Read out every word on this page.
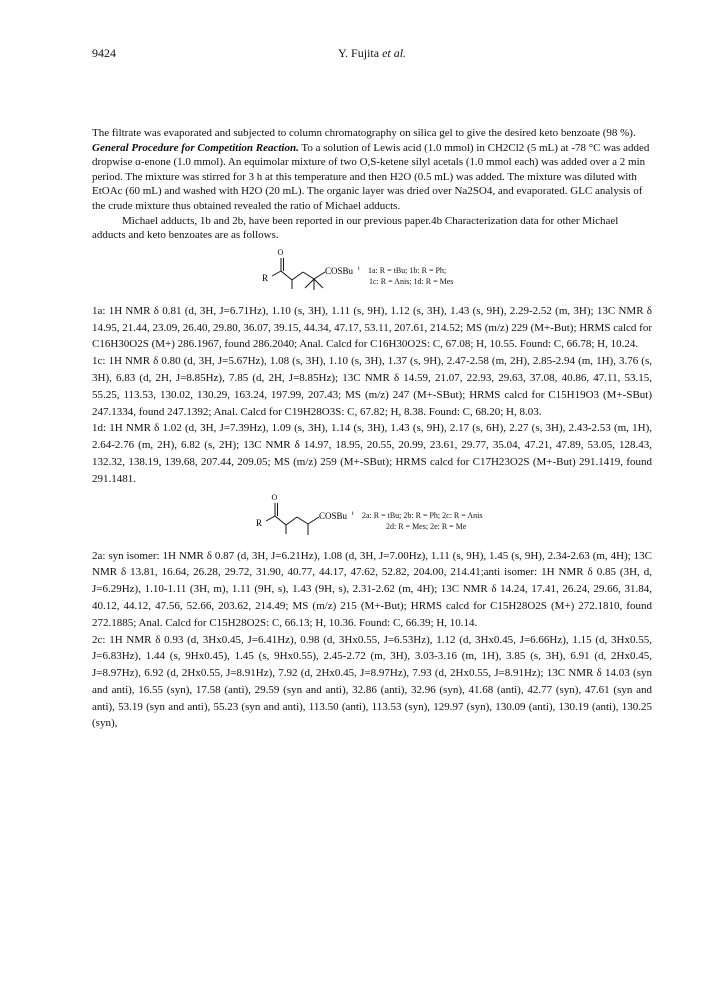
9424	Y. Fujita et al.

The filtrate was evaporated and subjected to column chromatography on silica gel to give the desired keto benzoate (98 %).

General Procedure for Competition Reaction. To a solution of Lewis acid (1.0 mmol) in CH2Cl2 (5 mL) at -78 °C was added dropwise α-enone (1.0 mmol). An equimolar mixture of two O,S-ketene silyl acetals (1.0 mmol each) was added over a 2 min period. The mixture was stirred for 3 h at this temperature and then H2O (0.5 mL) was added. The mixture was diluted with EtOAc (60 mL) and washed with H2O (20 mL). The organic layer was dried over Na2SO4, and evaporated. GLC analysis of the crude mixture thus obtained revealed the ratio of Michael adducts.

Michael adducts, 1b and 2b, have been reported in our previous paper.4b Characterization data for other Michael adducts and keto benzoates are as follows.

O
R
COSBu t 1a: R = tBu; 1b: R = Ph;
1c: R = Anis; 1d: R = Mes

1a: 1H NMR δ 0.81 (d, 3H, J=6.71Hz), 1.10 (s, 3H), 1.11 (s, 9H), 1.12 (s, 3H), 1.43 (s, 9H), 2.29-2.52 (m, 3H); 13C NMR δ 14.95, 21.44, 23.09, 26.40, 29.80, 36.07, 39.15, 44.34, 47.17, 53.11, 207.61, 214.52; MS (m/z) 229 (M+-But); HRMS calcd for C16H30O2S (M+) 286.1967, found 286.2040; Anal. Calcd for C16H30O2S: C, 67.08; H, 10.55. Found: C, 66.78; H, 10.24.

1c: 1H NMR δ 0.80 (d, 3H, J=5.67Hz), 1.08 (s, 3H), 1.10 (s, 3H), 1.37 (s, 9H), 2.47-2.58 (m, 2H), 2.85-2.94 (m, 1H), 3.76 (s, 3H), 6.83 (d, 2H, J=8.85Hz), 7.85 (d, 2H, J=8.85Hz); 13C NMR δ 14.59, 21.07, 22.93, 29.63, 37.08, 40.86, 47.11, 53.15, 55.25, 113.53, 130.02, 130.29, 163.24, 197.99, 207.43; MS (m/z) 247 (M+-SBut); HRMS calcd for C15H19O3 (M+-SBut) 247.1334, found 247.1392; Anal. Calcd for C19H28O3S: C, 67.82; H, 8.38. Found: C, 68.20; H, 8.03.

1d: 1H NMR δ 1.02 (d, 3H, J=7.39Hz), 1.09 (s, 3H), 1.14 (s, 3H), 1.43 (s, 9H), 2.17 (s, 6H), 2.27 (s, 3H), 2.43-2.53 (m, 1H), 2.64-2.76 (m, 2H), 6.82 (s, 2H); 13C NMR δ 14.97, 18.95, 20.55, 20.99, 23.61, 29.77, 35.04, 47.21, 47.89, 53.05, 128.43, 132.32, 138.19, 139.68, 207.44, 209.05; MS (m/z) 259 (M+-SBut); HRMS calcd for C17H23O2S (M+-But) 291.1419, found 291.1481.

O
R
COSBu t 2a: R = tBu; 2b: R = Ph; 2c: R = Anis
2d: R = Mes; 2e: R = Me

2a: syn isomer: 1H NMR δ 0.87 (d, 3H, J=6.21Hz), 1.08 (d, 3H, J=7.00Hz), 1.11 (s, 9H), 1.45 (s, 9H), 2.34-2.63 (m, 4H); 13C NMR δ 13.81, 16.64, 26.28, 29.72, 31.90, 40.77, 44.17, 47.62, 52.82, 204.00, 214.41;anti isomer: 1H NMR δ 0.85 (3H, d, J=6.29Hz), 1.10-1.11 (3H, m), 1.11 (9H, s), 1.43 (9H, s), 2.31-2.62 (m, 4H); 13C NMR δ 14.24, 17.41, 26.24, 29.66, 31.84, 40.12, 44.12, 47.56, 52.66, 203.62, 214.49; MS (m/z) 215 (M+-But); HRMS calcd for C15H28O2S (M+) 272.1810, found 272.1885; Anal. Calcd for C15H28O2S: C, 66.13; H, 10.36. Found: C, 66.39; H, 10.14.

2c: 1H NMR δ 0.93 (d, 3Hx0.45, J=6.41Hz), 0.98 (d, 3Hx0.55, J=6.53Hz), 1.12 (d, 3Hx0.45, J=6.66Hz), 1.15 (d, 3Hx0.55, J=6.83Hz), 1.44 (s, 9Hx0.45), 1.45 (s, 9Hx0.55), 2.45-2.72 (m, 3H), 3.03-3.16 (m, 1H), 3.85 (s, 3H), 6.91 (d, 2Hx0.45, J=8.97Hz), 6.92 (d, 2Hx0.55, J=8.91Hz), 7.92 (d, 2Hx0.45, J=8.97Hz), 7.93 (d, 2Hx0.55, J=8.91Hz); 13C NMR δ 14.03 (syn and anti), 16.55 (syn), 17.58 (anti), 29.59 (syn and anti), 32.86 (anti), 32.96 (syn), 41.68 (anti), 42.77 (syn), 47.61 (syn and anti), 53.19 (syn and anti), 55.23 (syn and anti), 113.50 (anti), 113.53 (syn), 129.97 (syn), 130.09 (anti), 130.19 (anti), 130.25 (syn),
